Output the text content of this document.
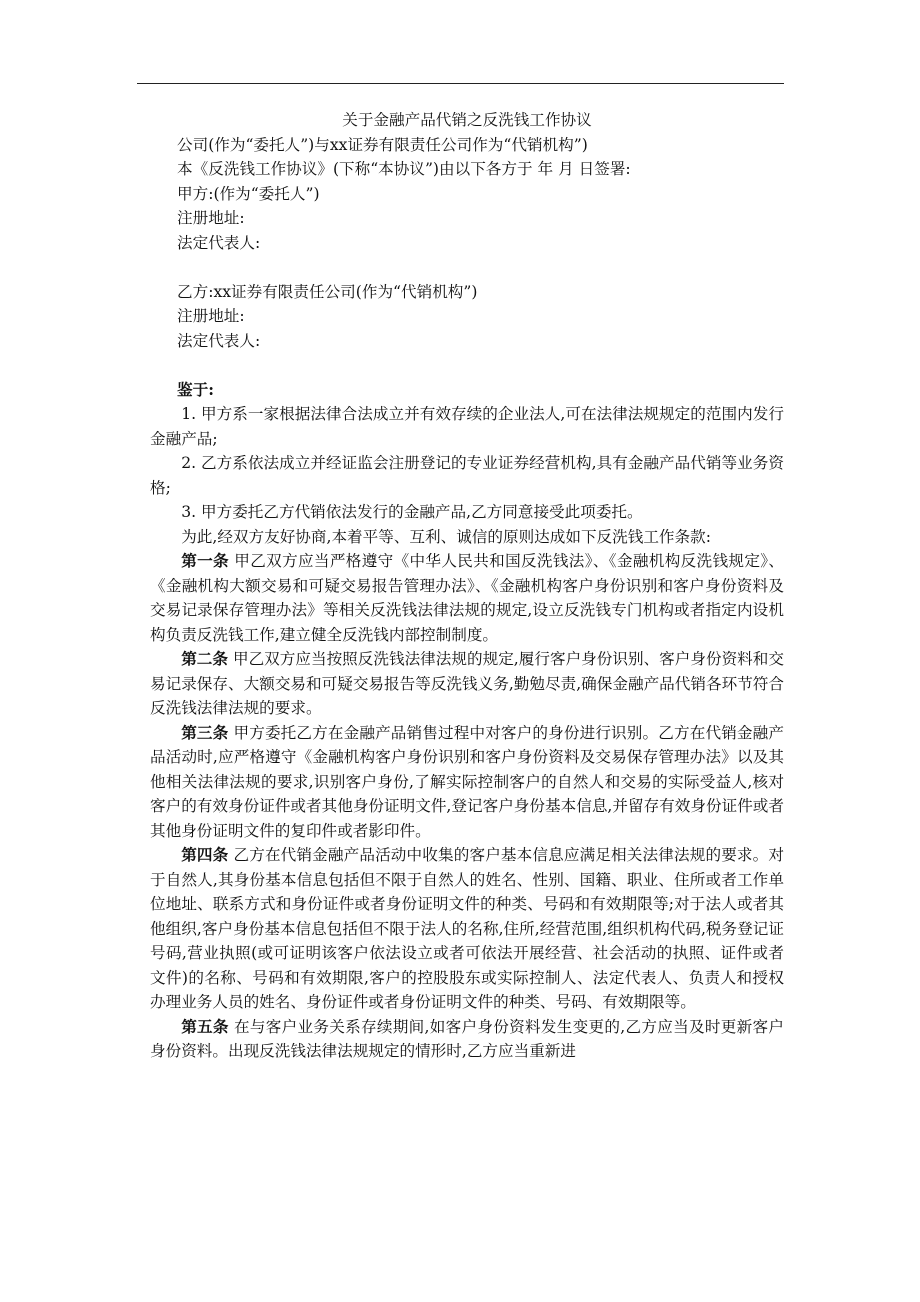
关于金融产品代销之反洗钱工作协议

公司(作为“委托人”)与xx证券有限责任公司作为“代销机构”)

本《反洗钱工作协议》(下称“本协议”)由以下各方于 年 月 日签署:

甲方:(作为“委托人”)

注册地址:

法定代表人:

乙方:xx证券有限责任公司(作为“代销机构”)

注册地址:

法定代表人:

鉴于:

1. 甲方系一家根据法律合法成立并有效存续的企业法人,可在法律法规规定的范围内发行金融产品;

2. 乙方系依法成立并经证监会注册登记的专业证券经营机构,具有金融产品代销等业务资格;

3. 甲方委托乙方代销依法发行的金融产品,乙方同意接受此项委托。

为此,经双方友好协商,本着平等、互利、诚信的原则达成如下反洗钱工作条款:

第一条 甲乙双方应当严格遵守《中华人民共和国反洗钱法》、《金融机构反洗钱规定》、《金融机构大额交易和可疑交易报告管理办法》、《金融机构客户身份识别和客户身份资料及交易记录保存管理办法》等相关反洗钱法律法规的规定,设立反洗钱专门机构或者指定内设机构负责反洗钱工作,建立健全反洗钱内部控制制度。

第二条 甲乙双方应当按照反洗钱法律法规的规定,履行客户身份识别、客户身份资料和交易记录保存、大额交易和可疑交易报告等反洗钱义务,勤勉尽责,确保金融产品代销各环节符合反洗钱法律法规的要求。

第三条 甲方委托乙方在金融产品销售过程中对客户的身份进行识别。乙方在代销金融产品活动时,应严格遵守《金融机构客户身份识别和客户身份资料及交易保存管理办法》以及其他相关法律法规的要求,识别客户身份,了解实际控制客户的自然人和交易的实际受益人,核对客户的有效身份证件或者其他身份证明文件,登记客户身份基本信息,并留存有效身份证件或者其他身份证明文件的复印件或者影印件。

第四条 乙方在代销金融产品活动中收集的客户基本信息应满足相关法律法规的要求。对于自然人,其身份基本信息包括但不限于自然人的姓名、性别、国籍、职业、住所或者工作单位地址、联系方式和身份证件或者身份证明文件的种类、号码和有效期限等;对于法人或者其他组织,客户身份基本信息包括但不限于法人的名称,住所,经营范围,组织机构代码,税务登记证号码,营业执照(或可证明该客户依法设立或者可依法开展经营、社会活动的执照、证件或者文件)的名称、号码和有效期限,客户的控股股东或实际控制人、法定代表人、负责人和授权办理业务人员的姓名、身份证件或者身份证明文件的种类、号码、有效期限等。

第五条 在与客户业务关系存续期间,如客户身份资料发生变更的,乙方应当及时更新客户身份资料。出现反洗钱法律法规规定的情形时,乙方应当重新进
